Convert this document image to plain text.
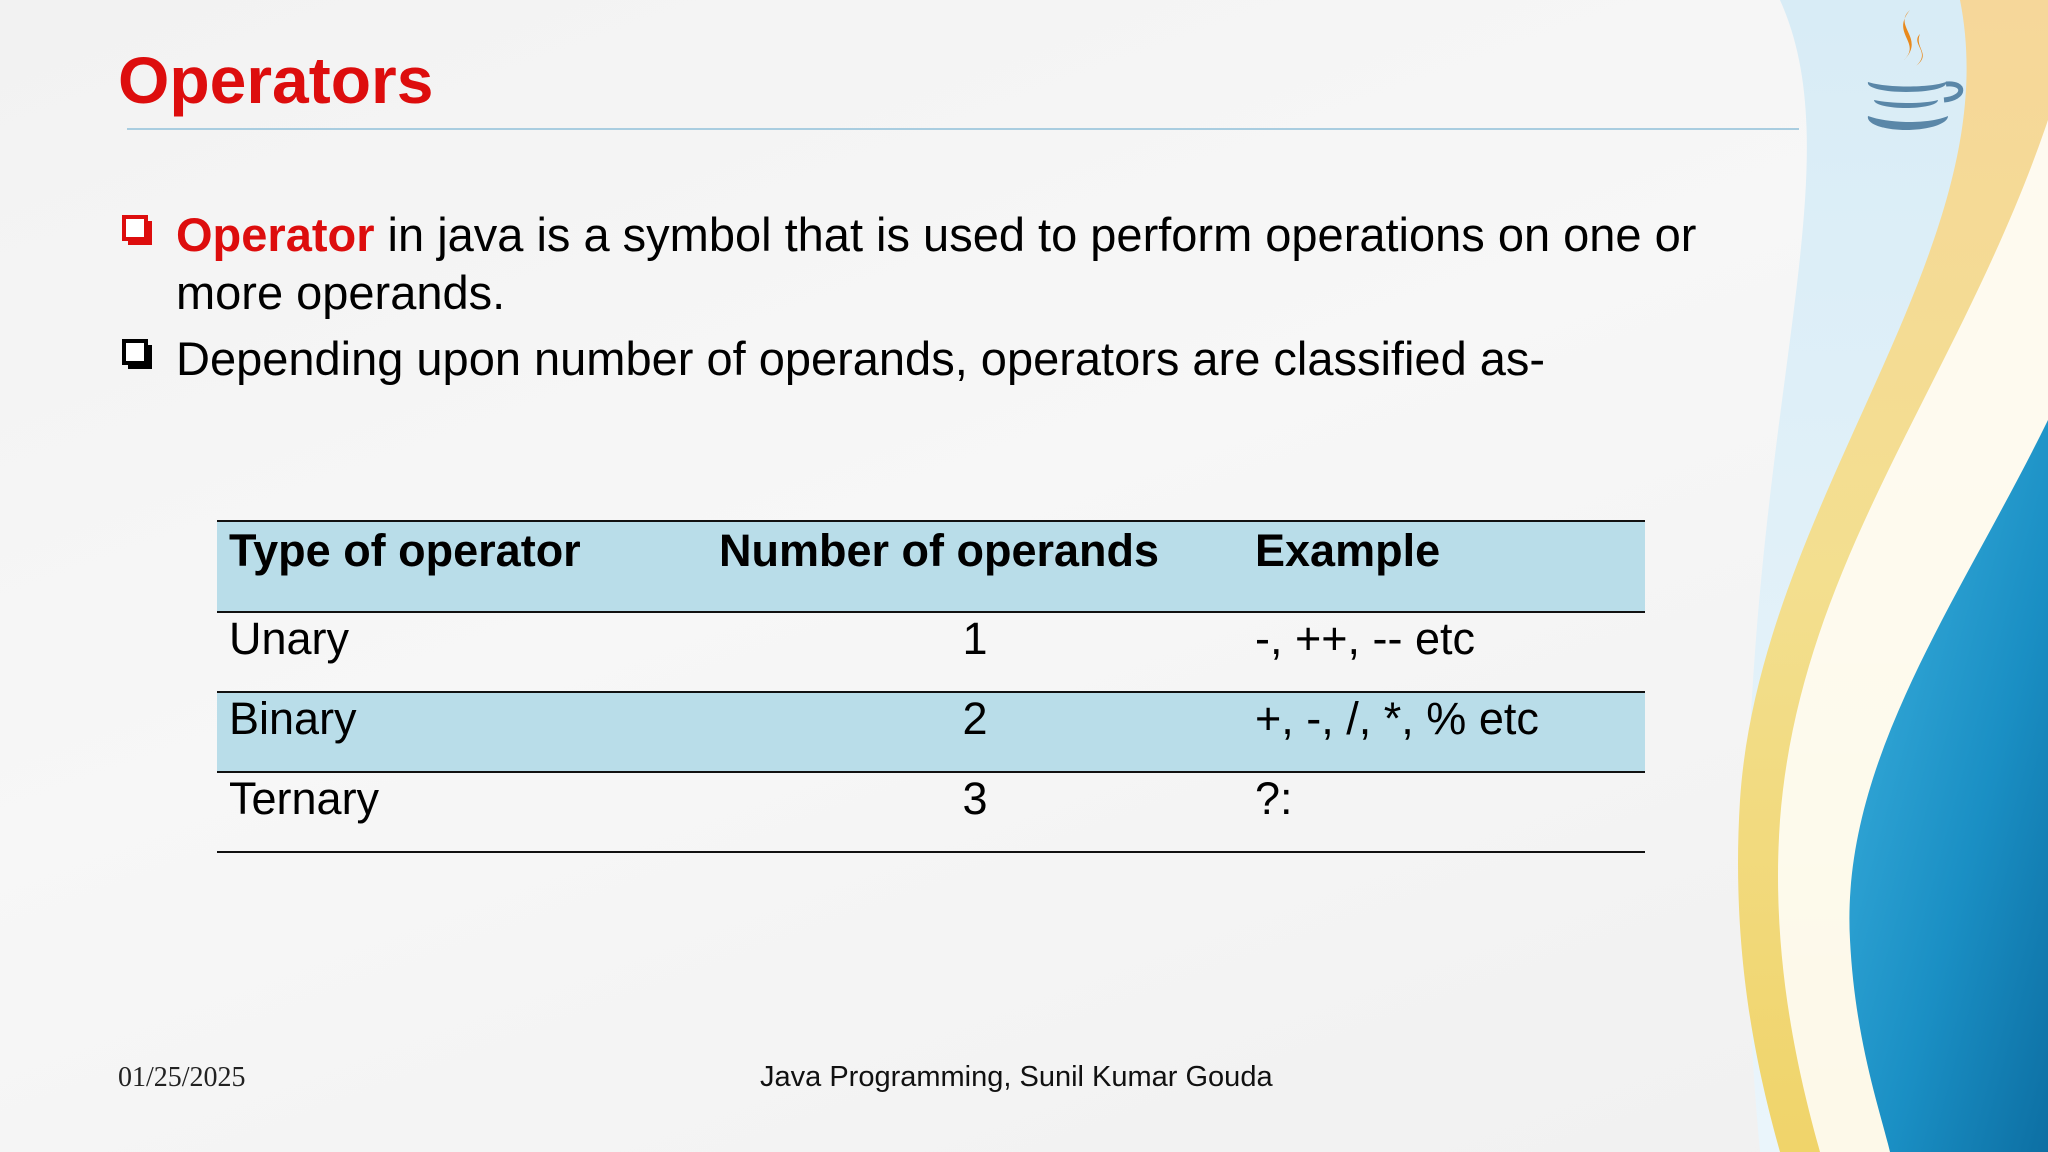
Operators
Operator in java is a symbol that is used to perform operations on one or more operands.
Depending upon number of operands, operators are classified as-
Type of operator	Number of operands	Example
Unary	1	-, ++, -- etc
Binary	2	+, -, /, *, % etc
Ternary	3	?:
01/25/2025	Java Programming, Sunil Kumar Gouda
